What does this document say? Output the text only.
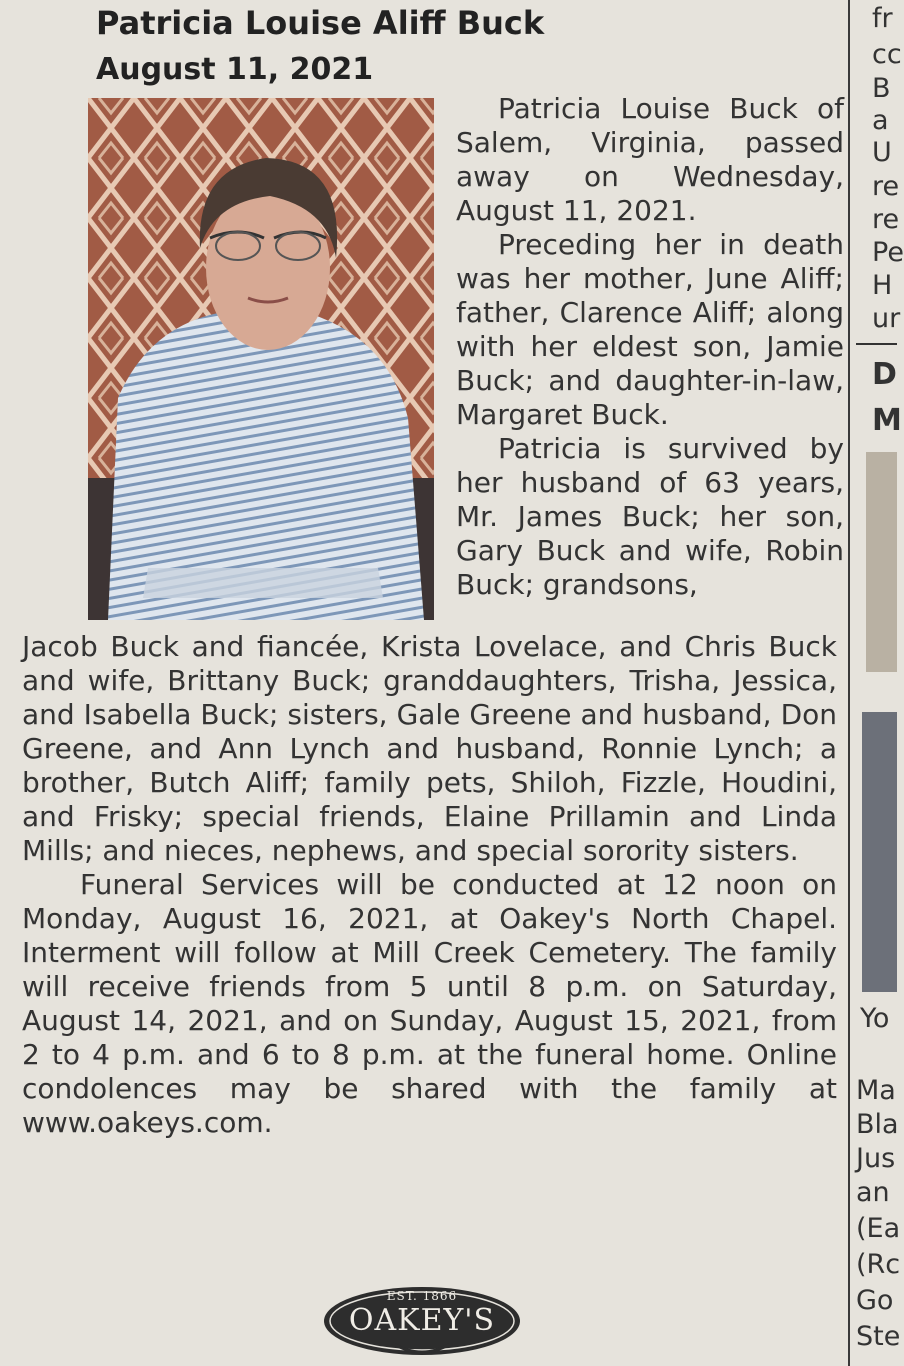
Patricia Louise Aliff Buck
August 11, 2021

Patricia Louise Buck of Salem, Virginia, passed away on Wednesday, August 11, 2021.

Preceding her in death was her mother, June Aliff; father, Clarence Aliff; along with her eldest son, Jamie Buck; and daughter-in-law, Margaret Buck.

Patricia is survived by her husband of 63 years, Mr. James Buck; her son, Gary Buck and wife, Robin Buck; grandsons,

Jacob Buck and fiancée, Krista Lovelace, and Chris Buck and wife, Brittany Buck; granddaughters, Trisha, Jessica, and Isabella Buck; sisters, Gale Greene and husband, Don Greene, and Ann Lynch and husband, Ronnie Lynch; a brother, Butch Aliff; family pets, Shiloh, Fizzle, Houdini, and Frisky; special friends, Elaine Prillamin and Linda Mills; and nieces, nephews, and special sorority sisters.

Funeral Services will be conducted at 12 noon on Monday, August 16, 2021, at Oakey's North Chapel. Interment will follow at Mill Creek Cemetery. The family will receive friends from 5 until 8 p.m. on Saturday, August 14, 2021, and on Sunday, August 15, 2021, from 2 to 4 p.m. and 6 to 8 p.m. at the funeral home. Online condolences may be shared with the family at www.oakeys.com.

EST. 1866
OAKEY'S
fr
cc
B
a
U
re
re
Pe
H
ur
D
M
Yo
Ma
Bla
Jus
an
(Ea
(Rc
Go
Ste
